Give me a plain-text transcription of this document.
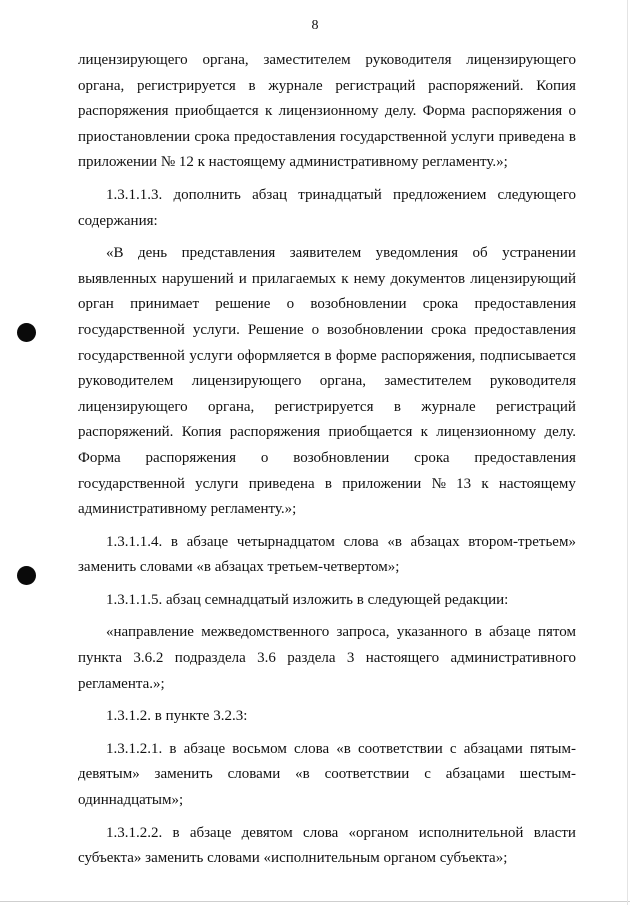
8
лицензирующего органа, заместителем руководителя лицензирующего
органа, регистрируется в журнале регистраций распоряжений. Копия
распоряжения приобщается к лицензионному делу. Форма распоряжения о
приостановлении срока предоставления государственной услуги приведена в
приложении № 12 к настоящему административному регламенту.»;
1.3.1.1.3. дополнить абзац тринадцатый предложением следующего
содержания:
«В день представления заявителем уведомления об устранении
выявленных нарушений и прилагаемых к нему документов лицензирующий
орган принимает решение о возобновлении срока предоставления
государственной услуги. Решение о возобновлении срока предоставления
государственной услуги оформляется в форме распоряжения, подписывается
руководителем лицензирующего органа, заместителем руководителя
лицензирующего органа, регистрируется в журнале регистраций
распоряжений. Копия распоряжения приобщается к лицензионному делу.
Форма распоряжения о возобновлении срока предоставления
государственной услуги приведена в приложении № 13 к настоящему
административному регламенту.»;
1.3.1.1.4. в абзаце четырнадцатом слова «в абзацах втором-третьем»
заменить словами «в абзацах третьем-четвертом»;
1.3.1.1.5. абзац семнадцатый изложить в следующей редакции:
«направление межведомственного запроса, указанного в абзаце пятом
пункта 3.6.2 подраздела 3.6 раздела 3 настоящего административного
регламента.»;
1.3.1.2. в пункте 3.2.3:
1.3.1.2.1. в абзаце восьмом слова «в соответствии с абзацами пятым-
девятым» заменить словами «в соответствии с абзацами шестым-
одиннадцатым»;
1.3.1.2.2. в абзаце девятом слова «органом исполнительной власти
субъекта» заменить словами «исполнительным органом субъекта»;
